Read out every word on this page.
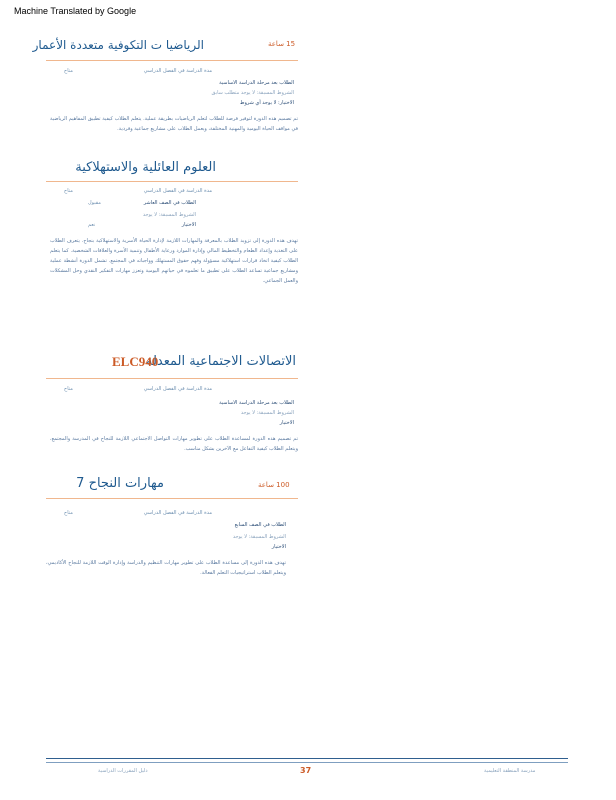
Machine Translated by Google
الرياضيا ت التكوفية متعددة الأعمار	15 ساعة
مدة الدراسة في الفصل الدراسي
متاح
الطلاب بعد مرحلة الدراسة الاساسية
الشروط المسبقة: لا يوجد متطلب سابق
الاختيار: لا يوجد أي شروط
تم تصميم هذه الدورة لتوفير فرصة للطلاب لتعلم الرياضيات بطريقة عملية. يتعلم الطلاب كيفية تطبيق المفاهيم الرياضية في مواقف الحياة اليومية والمهنية المختلفة، ويعمل الطلاب على مشاريع جماعية وفردية.
العلوم العائلية والاستهلاكية
مدة الدراسة في الفصل الدراسي
متاح
الطلاب في الصف العاشر
مقبول
الشروط المسبقة: لا يوجد
الاختيار
نعم
تهدف هذه الدورة إلى تزويد الطلاب بالمعرفة والمهارات اللازمة لإدارة الحياة الأسرية والاستهلاكية بنجاح. يتعرف الطلاب على التغذية وإعداد الطعام والتخطيط المالي وإدارة الموارد ورعاية الأطفال وتنمية الأسرة والعلاقات الشخصية. كما يتعلم الطلاب كيفية اتخاذ قرارات استهلاكية مسؤولة وفهم حقوق المستهلك وواجباته في المجتمع. تشمل الدورة أنشطة عملية ومشاريع جماعية تساعد الطلاب على تطبيق ما تعلموه في حياتهم اليومية وتعزز مهارات التفكير النقدي وحل المشكلات والعمل الجماعي.
الاتصالات الاجتماعية المعدلة
ELC940
مدة الدراسة في الفصل الدراسي
متاح
الطلاب بعد مرحلة الدراسة الاساسية
الشروط المسبقة: لا يوجد
الاختيار
تم تصميم هذه الدورة لمساعدة الطلاب على تطوير مهارات التواصل الاجتماعي اللازمة للنجاح في المدرسة والمجتمع، ويتعلم الطلاب كيفية التفاعل مع الآخرين بشكل مناسب.
مهارات النجاح 7	100 ساعة
مدة الدراسة في الفصل الدراسي
متاح
الطلاب في الصف السابع
الشروط المسبقة: لا يوجد
الاختيار
تهدف هذه الدورة إلى مساعدة الطلاب على تطوير مهارات التنظيم والدراسة وإدارة الوقت اللازمة للنجاح الأكاديمي، ويتعلم الطلاب استراتيجيات التعلم الفعالة.
دليل المقررات الدراسية	37	مدرسة المنطقة التعليمية
